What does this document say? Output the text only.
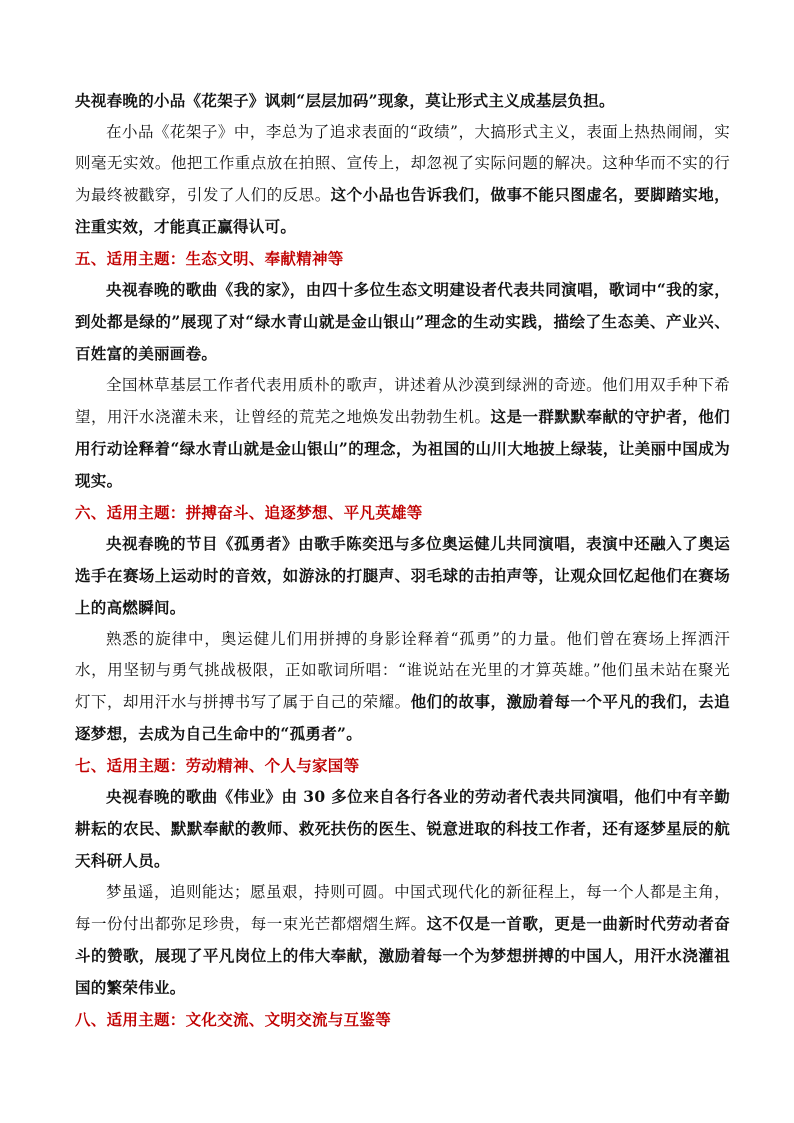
央视春晚的小品《花架子》讽刺“层层加码”现象，莫让形式主义成基层负担。

在小品《花架子》中，李总为了追求表面的“政绩”，大搞形式主义，表面上热热闹闹，实则毫无实效。他把工作重点放在拍照、宣传上，却忽视了实际问题的解决。这种华而不实的行为最终被戳穿，引发了人们的反思。这个小品也告诉我们，做事不能只图虚名，要脚踏实地，注重实效，才能真正赢得认可。

五、适用主题：生态文明、奉献精神等

央视春晚的歌曲《我的家》，由四十多位生态文明建设者代表共同演唱，歌词中“我的家，到处都是绿的”展现了对“绿水青山就是金山银山”理念的生动实践，描绘了生态美、产业兴、百姓富的美丽画卷。

全国林草基层工作者代表用质朴的歌声，讲述着从沙漠到绿洲的奇迹。他们用双手种下希望，用汗水浇灌未来，让曾经的荒芜之地焕发出勃勃生机。这是一群默默奉献的守护者，他们用行动诠释着“绿水青山就是金山银山”的理念，为祖国的山川大地披上绿装，让美丽中国成为现实。

六、适用主题：拼搏奋斗、追逐梦想、平凡英雄等

央视春晚的节目《孤勇者》由歌手陈奕迅与多位奥运健儿共同演唱，表演中还融入了奥运选手在赛场上运动时的音效，如游泳的打腿声、羽毛球的击拍声等，让观众回忆起他们在赛场上的高燃瞬间。

熟悉的旋律中，奥运健儿们用拼搏的身影诠释着“孤勇”的力量。他们曾在赛场上挥洒汗水，用坚韧与勇气挑战极限，正如歌词所唱：“谁说站在光里的才算英雄。”他们虽未站在聚光灯下，却用汗水与拼搏书写了属于自己的荣耀。他们的故事，激励着每一个平凡的我们，去追逐梦想，去成为自己生命中的“孤勇者”。

七、适用主题：劳动精神、个人与家国等

央视春晚的歌曲《伟业》由 30 多位来自各行各业的劳动者代表共同演唱，他们中有辛勤耕耘的农民、默默奉献的教师、救死扶伤的医生、锐意进取的科技工作者，还有逐梦星辰的航天科研人员。

梦虽遥，追则能达；愿虽艰，持则可圆。中国式现代化的新征程上，每一个人都是主角，每一份付出都弥足珍贵，每一束光芒都熠熠生辉。这不仅是一首歌，更是一曲新时代劳动者奋斗的赞歌，展现了平凡岗位上的伟大奉献，激励着每一个为梦想拼搏的中国人，用汗水浇灌祖国的繁荣伟业。

八、适用主题：文化交流、文明交流与互鉴等
